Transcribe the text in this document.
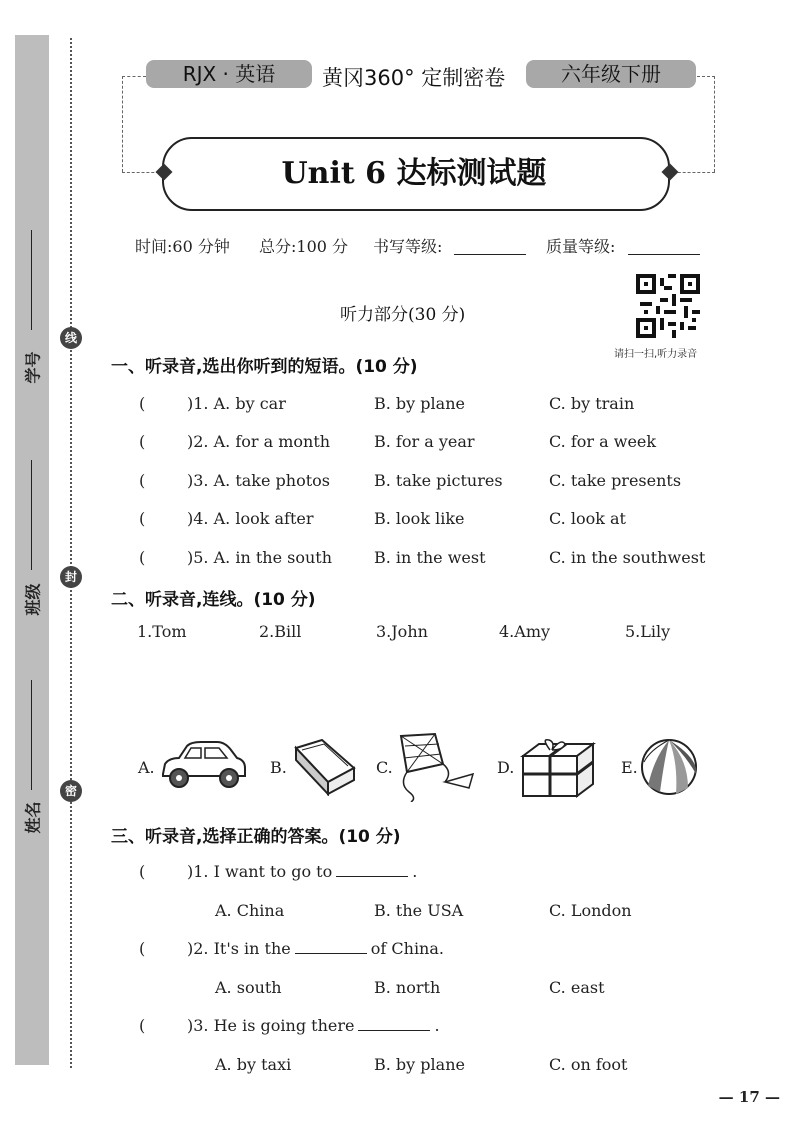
学号
班级
姓名
线
封
密
RJX · 英语	黄冈360° 定制密卷	六年级下册
Unit 6 达标测试题
时间:60 分钟 总分:100 分 书写等级:	质量等级:
听力部分(30 分)
请扫一扫,听力录音
一、听录音,选出你听到的短语。(10 分)
(	)1. A. by car	B. by plane	C. by train
(	)2. A. for a month	B. for a year	C. for a week
(	)3. A. take photos	B. take pictures	C. take presents
(	)4. A. look after	B. look like	C. look at
(	)5. A. in the south	B. in the west	C. in the southwest
二、听录音,连线。(10 分)
1.Tom	2.Bill	3.John	4.Amy	5.Lily
A.	B.	C.	D.	E.
三、听录音,选择正确的答案。(10 分)
(	)1. I want to go to	.
A. China	B. the USA	C. London
(	)2. It's in the	of China.
A. south	B. north	C. east
(	)3. He is going there	.
A. by taxi	B. by plane	C. on foot
— 17 —
